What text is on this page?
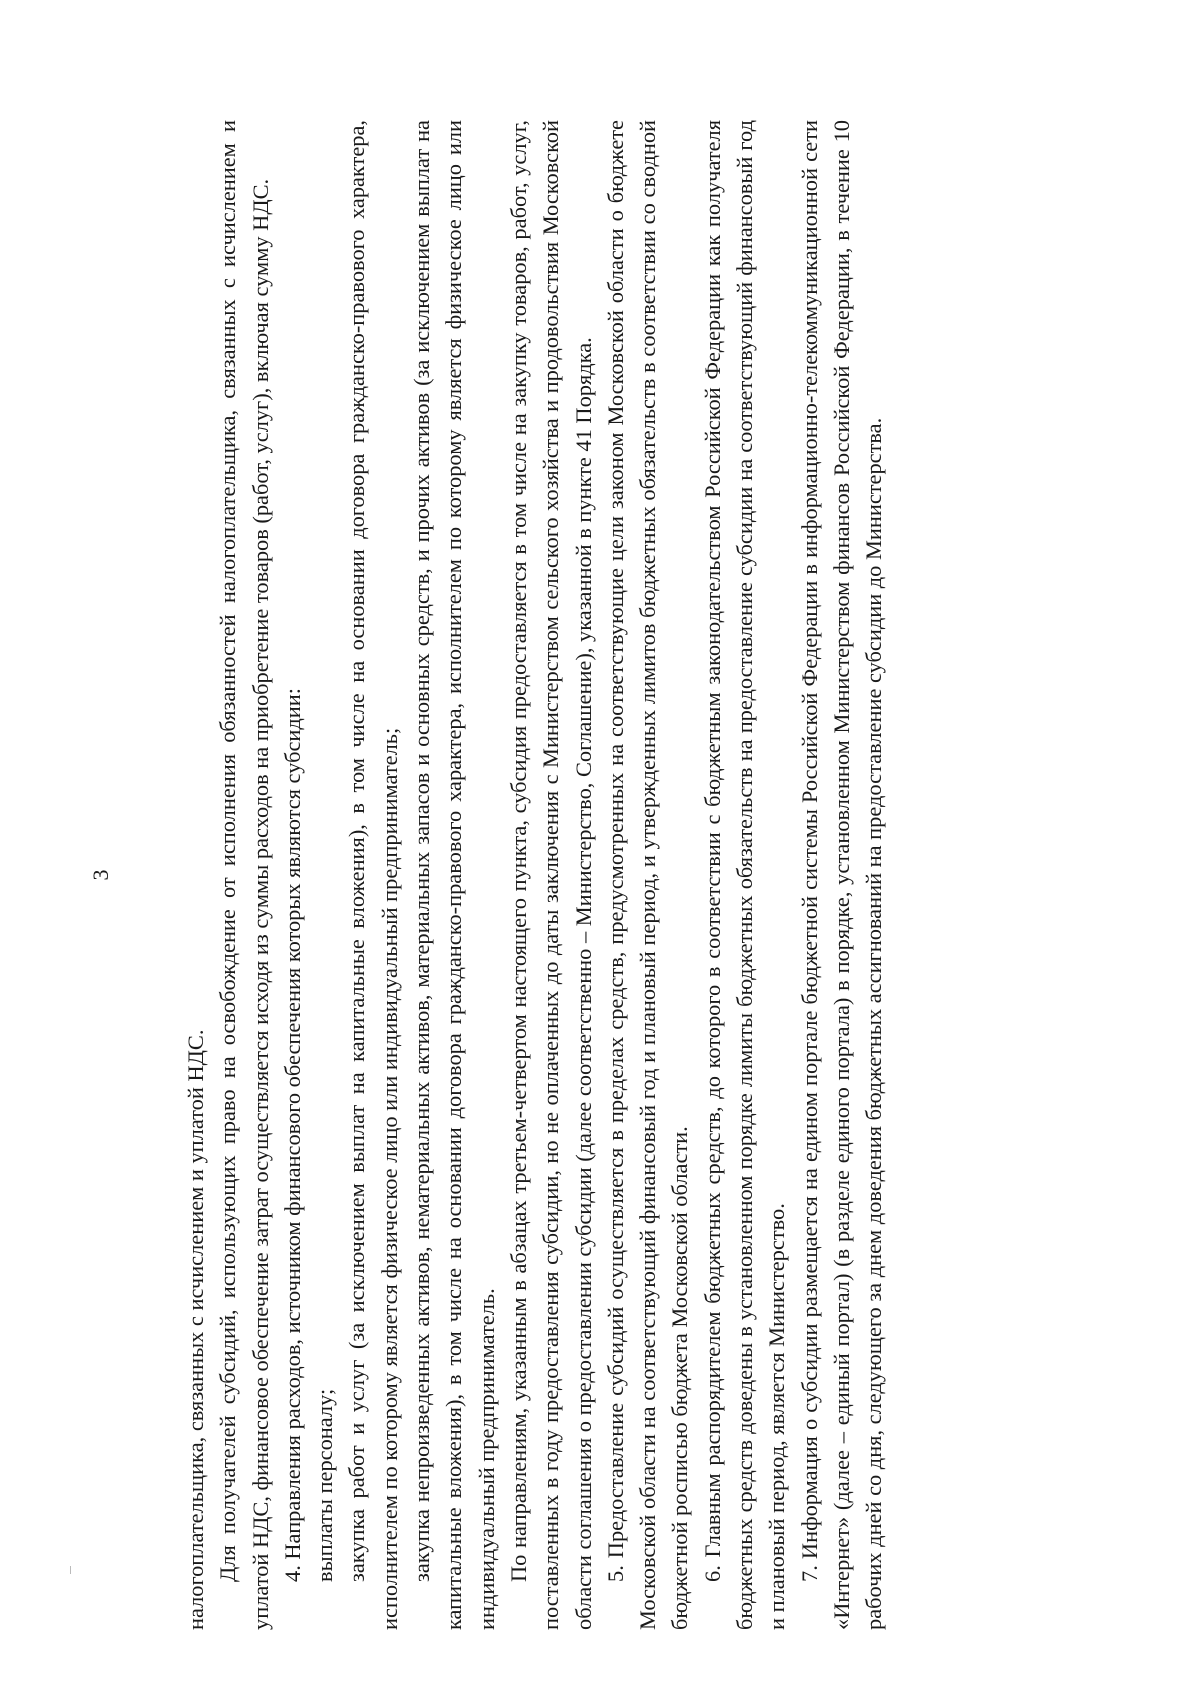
3

налогоплательщика, связанных с исчислением и уплатой НДС. Для получателей субсидий, использующих право на освобождение от исполнения обязанностей налогоплательщика, связанных с исчислением и уплатой НДС, финансовое обеспечение затрат осуществляется исходя из суммы расходов на приобретение товаров (работ, услуг), включая сумму НДС. 4. Направления расходов, источником финансового обеспечения которых являются субсидии: выплаты персоналу; закупка работ и услуг (за исключением выплат на капитальные вложения), в том числе на основании договора гражданско-правового характера, исполнителем по которому является физическое лицо или индивидуальный предприниматель; закупка непроизведенных активов, нематериальных активов, материальных запасов и основных средств, и прочих активов (за исключением выплат на капитальные вложения), в том числе на основании договора гражданско-правового характера, исполнителем по которому является физическое лицо или индивидуальный предприниматель. По направлениям, указанным в абзацах третьем-четвертом настоящего пункта, субсидия предоставляется в том числе на закупку товаров, работ, услуг, поставленных в году предоставления субсидии, но не оплаченных до даты заключения с Министерством сельского хозяйства и продовольствия Московской области соглашения о предоставлении субсидии (далее соответственно – Министерство, Соглашение), указанной в пункте 41 Порядка. 5. Предоставление субсидий осуществляется в пределах средств, предусмотренных на соответствующие цели законом Московской области о бюджете Московской области на соответствующий финансовый год и плановый период, и утвержденных лимитов бюджетных обязательств в соответствии со сводной бюджетной росписью бюджета Московской области. 6. Главным распорядителем бюджетных средств, до которого в соответствии с бюджетным законодательством Российской Федерации как получателя бюджетных средств доведены в установленном порядке лимиты бюджетных обязательств на предоставление субсидии на соответствующий финансовый год и плановый период, является Министерство. 7. Информация о субсидии размещается на едином портале бюджетной системы Российской Федерации в информационно-телекоммуникационной сети «Интернет» (далее – единый портал) (в разделе единого портала) в порядке, установленном Министерством финансов Российской Федерации, в течение 10 рабочих дней со дня, следующего за днем доведения бюджетных ассигнований на предоставление субсидии до Министерства.
